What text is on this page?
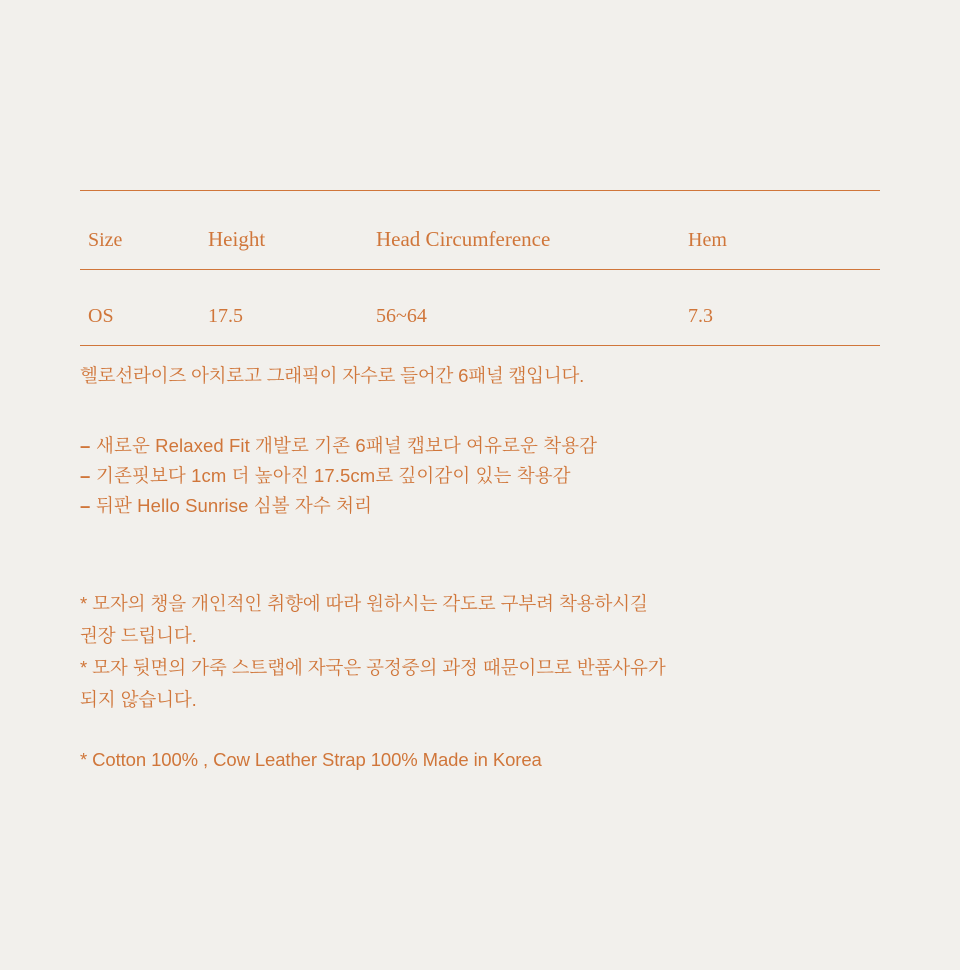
Size	Height	Head Circumference	Hem
OS	17.5	56~64	7.3

헬로선라이즈 아치로고 그래픽이 자수로 들어간 6패널 캡입니다.

– 새로운 Relaxed Fit 개발로 기존 6패널 캡보다 여유로운 착용감
– 기존핏보다 1cm 더 높아진 17.5cm로 깊이감이 있는 착용감
– 뒤판 Hello Sunrise 심볼 자수 처리

* 모자의 챙을 개인적인 취향에 따라 원하시는 각도로 구부려 착용하시길

권장 드립니다.

* 모자 뒷면의 가죽 스트랩에 자국은 공정중의 과정 때문이므로 반품사유가

되지 않습니다.

* Cotton 100% , Cow Leather Strap 100% Made in Korea
